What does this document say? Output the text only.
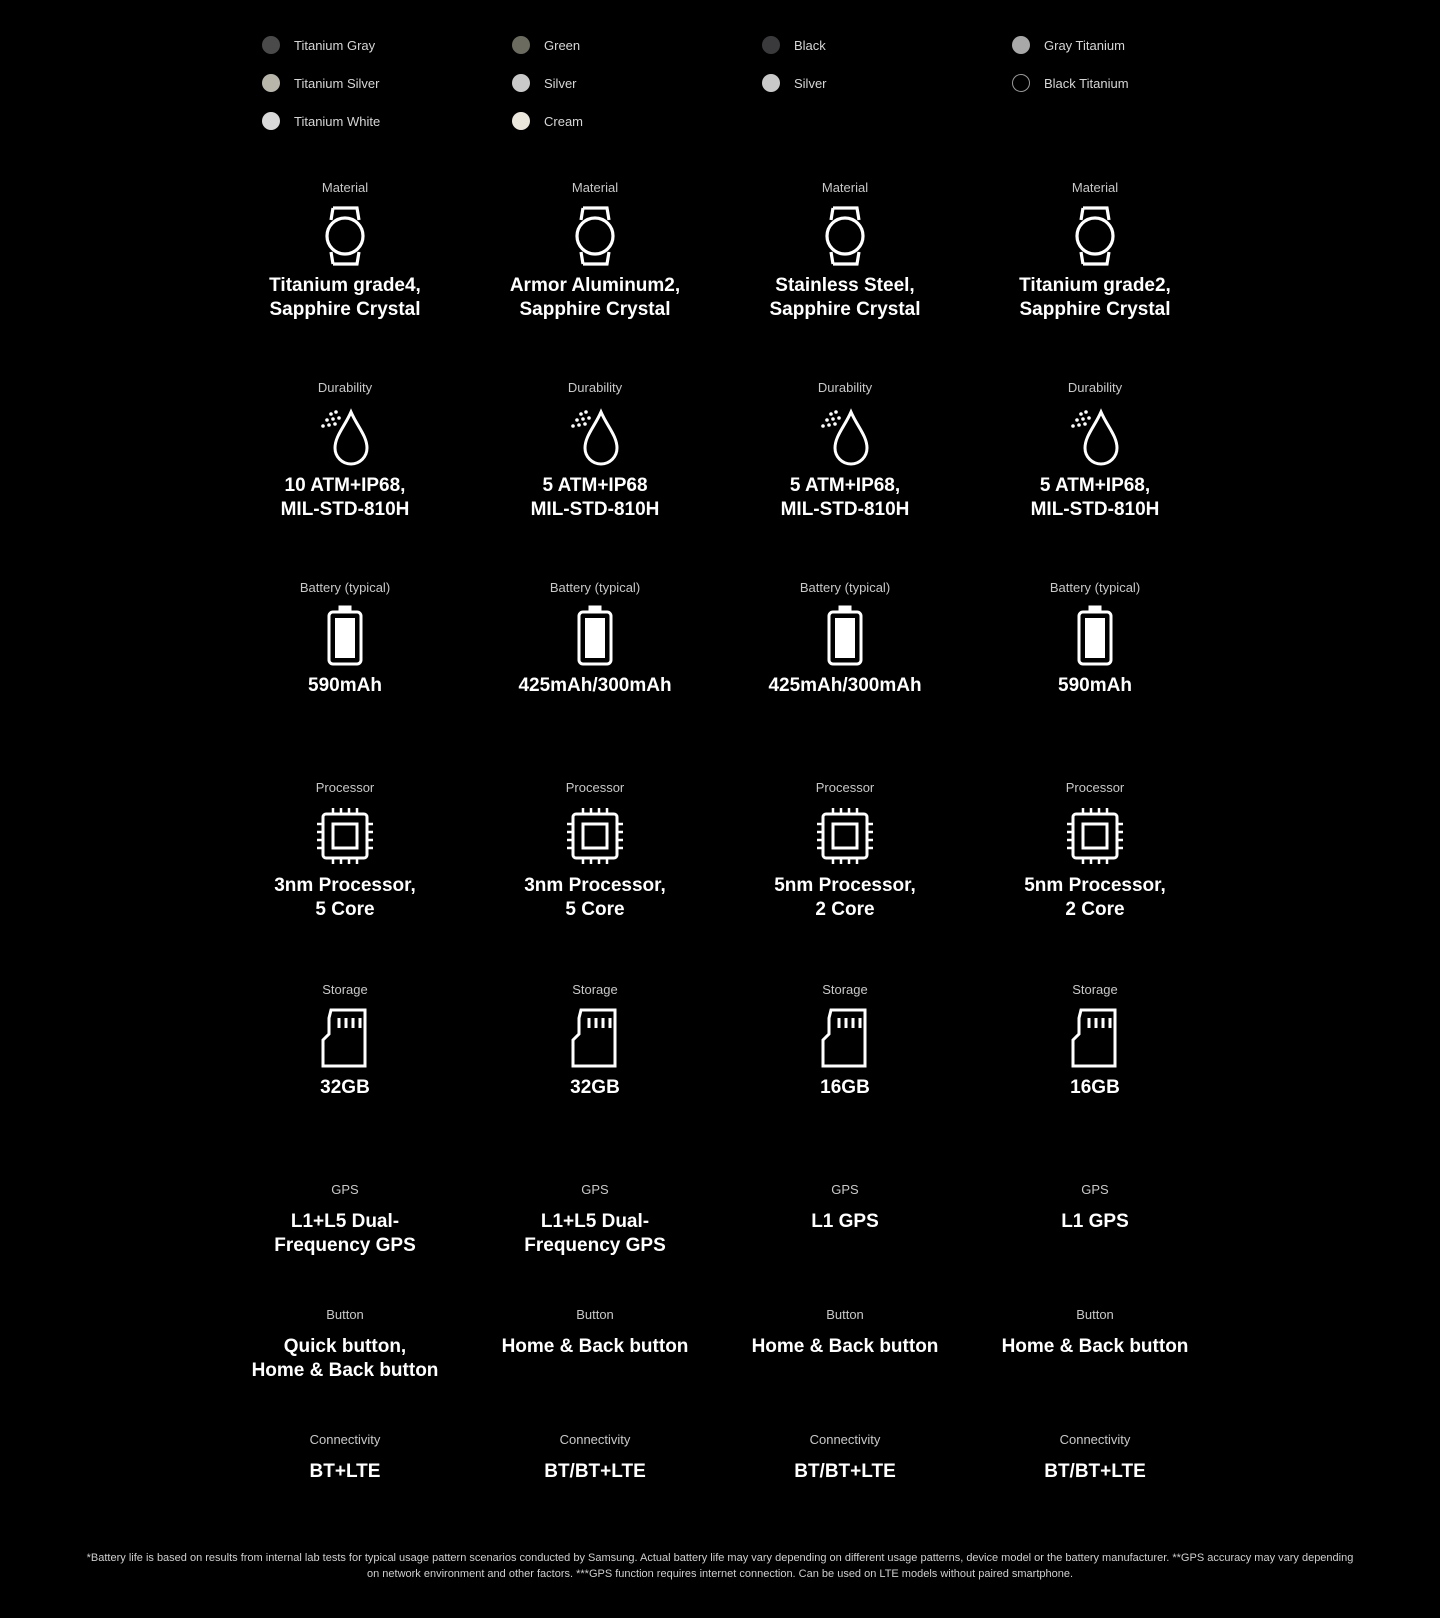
Titanium Gray
Titanium Silver
Titanium White
Material
Titanium grade4,
Sapphire Crystal
Durability
10 ATM+IP68,
MIL-STD-810H
Battery (typical)
590mAh
Processor
3nm Processor,
5 Core
Storage
32GB
GPS
L1+L5 Dual-
Frequency GPS
Button
Quick button,
Home & Back button
Connectivity
BT+LTE
Green
Silver
Cream
Material
Armor Aluminum2,
Sapphire Crystal
Durability
5 ATM+IP68
MIL-STD-810H
Battery (typical)
425mAh/300mAh
Processor
3nm Processor,
5 Core
Storage
32GB
GPS
L1+L5 Dual-
Frequency GPS
Button
Home & Back button
Connectivity
BT/BT+LTE
Black
Silver
Material
Stainless Steel,
Sapphire Crystal
Durability
5 ATM+IP68,
MIL-STD-810H
Battery (typical)
425mAh/300mAh
Processor
5nm Processor,
2 Core
Storage
16GB
GPS
L1 GPS
Button
Home & Back button
Connectivity
BT/BT+LTE
Gray Titanium
Black Titanium
Material
Titanium grade2,
Sapphire Crystal
Durability
5 ATM+IP68,
MIL-STD-810H
Battery (typical)
590mAh
Processor
5nm Processor,
2 Core
Storage
16GB
GPS
L1 GPS
Button
Home & Back button
Connectivity
BT/BT+LTE
*Battery life is based on results from internal lab tests for typical usage pattern scenarios conducted by Samsung. Actual battery life may vary depending on different usage patterns, device model or the battery manufacturer. **GPS accuracy may vary depending on network environment and other factors. ***GPS function requires internet connection. Can be used on LTE models without paired smartphone.
